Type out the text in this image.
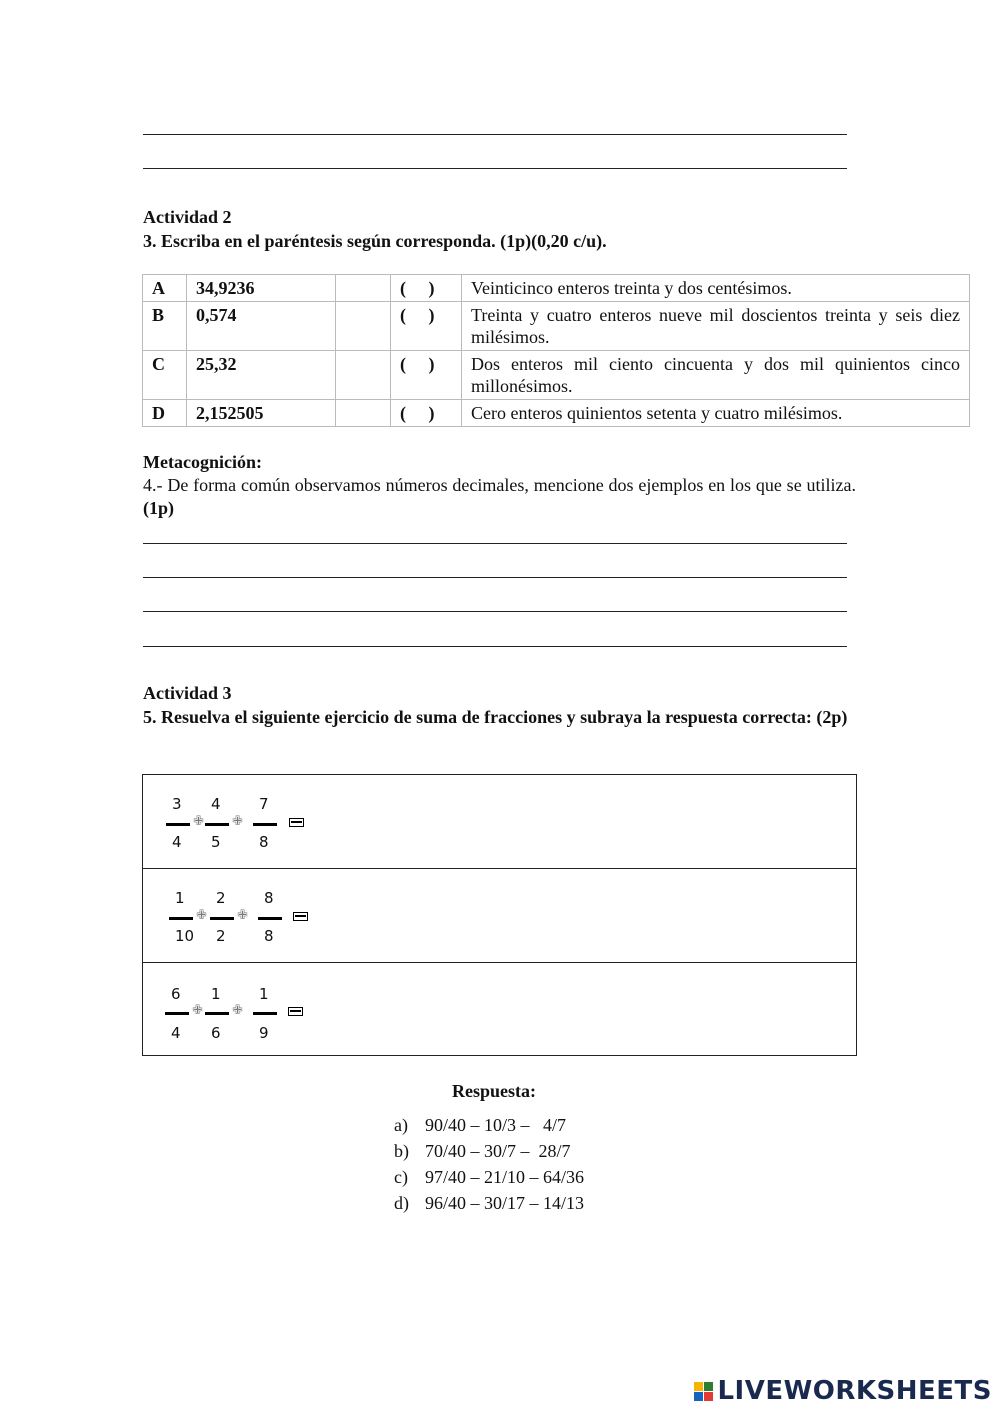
Actividad 2
3. Escriba en el paréntesis según corresponda. (1p)(0,20 c/u).
A	34,9236		(     )	Veinticinco enteros treinta y dos centésimos.
B	0,574		(     )	Treinta y cuatro enteros nueve mil doscientos treinta y seis diez milésimos.
C	25,32		(     )	Dos enteros mil ciento cincuenta y dos mil quinientos cinco millonésimos.
D	2,152505		(     )	Cero enteros quinientos setenta y cuatro milésimos.
Metacognición:
4.- De forma común observamos números decimales, mencione dos ejemplos en los que se utiliza. (1p)
Actividad 3
5. Resuelva el siguiente ejercicio de suma de fracciones y subraya la respuesta correcta: (2p)
3
4
✙
4
5
✙
7
8
1
10
✙
2
2
✙
8
8
6
4
✙
1
6
✙
1
9
Respuesta:
a) 90/40 – 10/3 –   4/7
b) 70/40 – 30/7 –  28/7
c) 97/40 – 21/10 – 64/36
d) 96/40 – 30/17 – 14/13
LIVEWORKSHEETS
